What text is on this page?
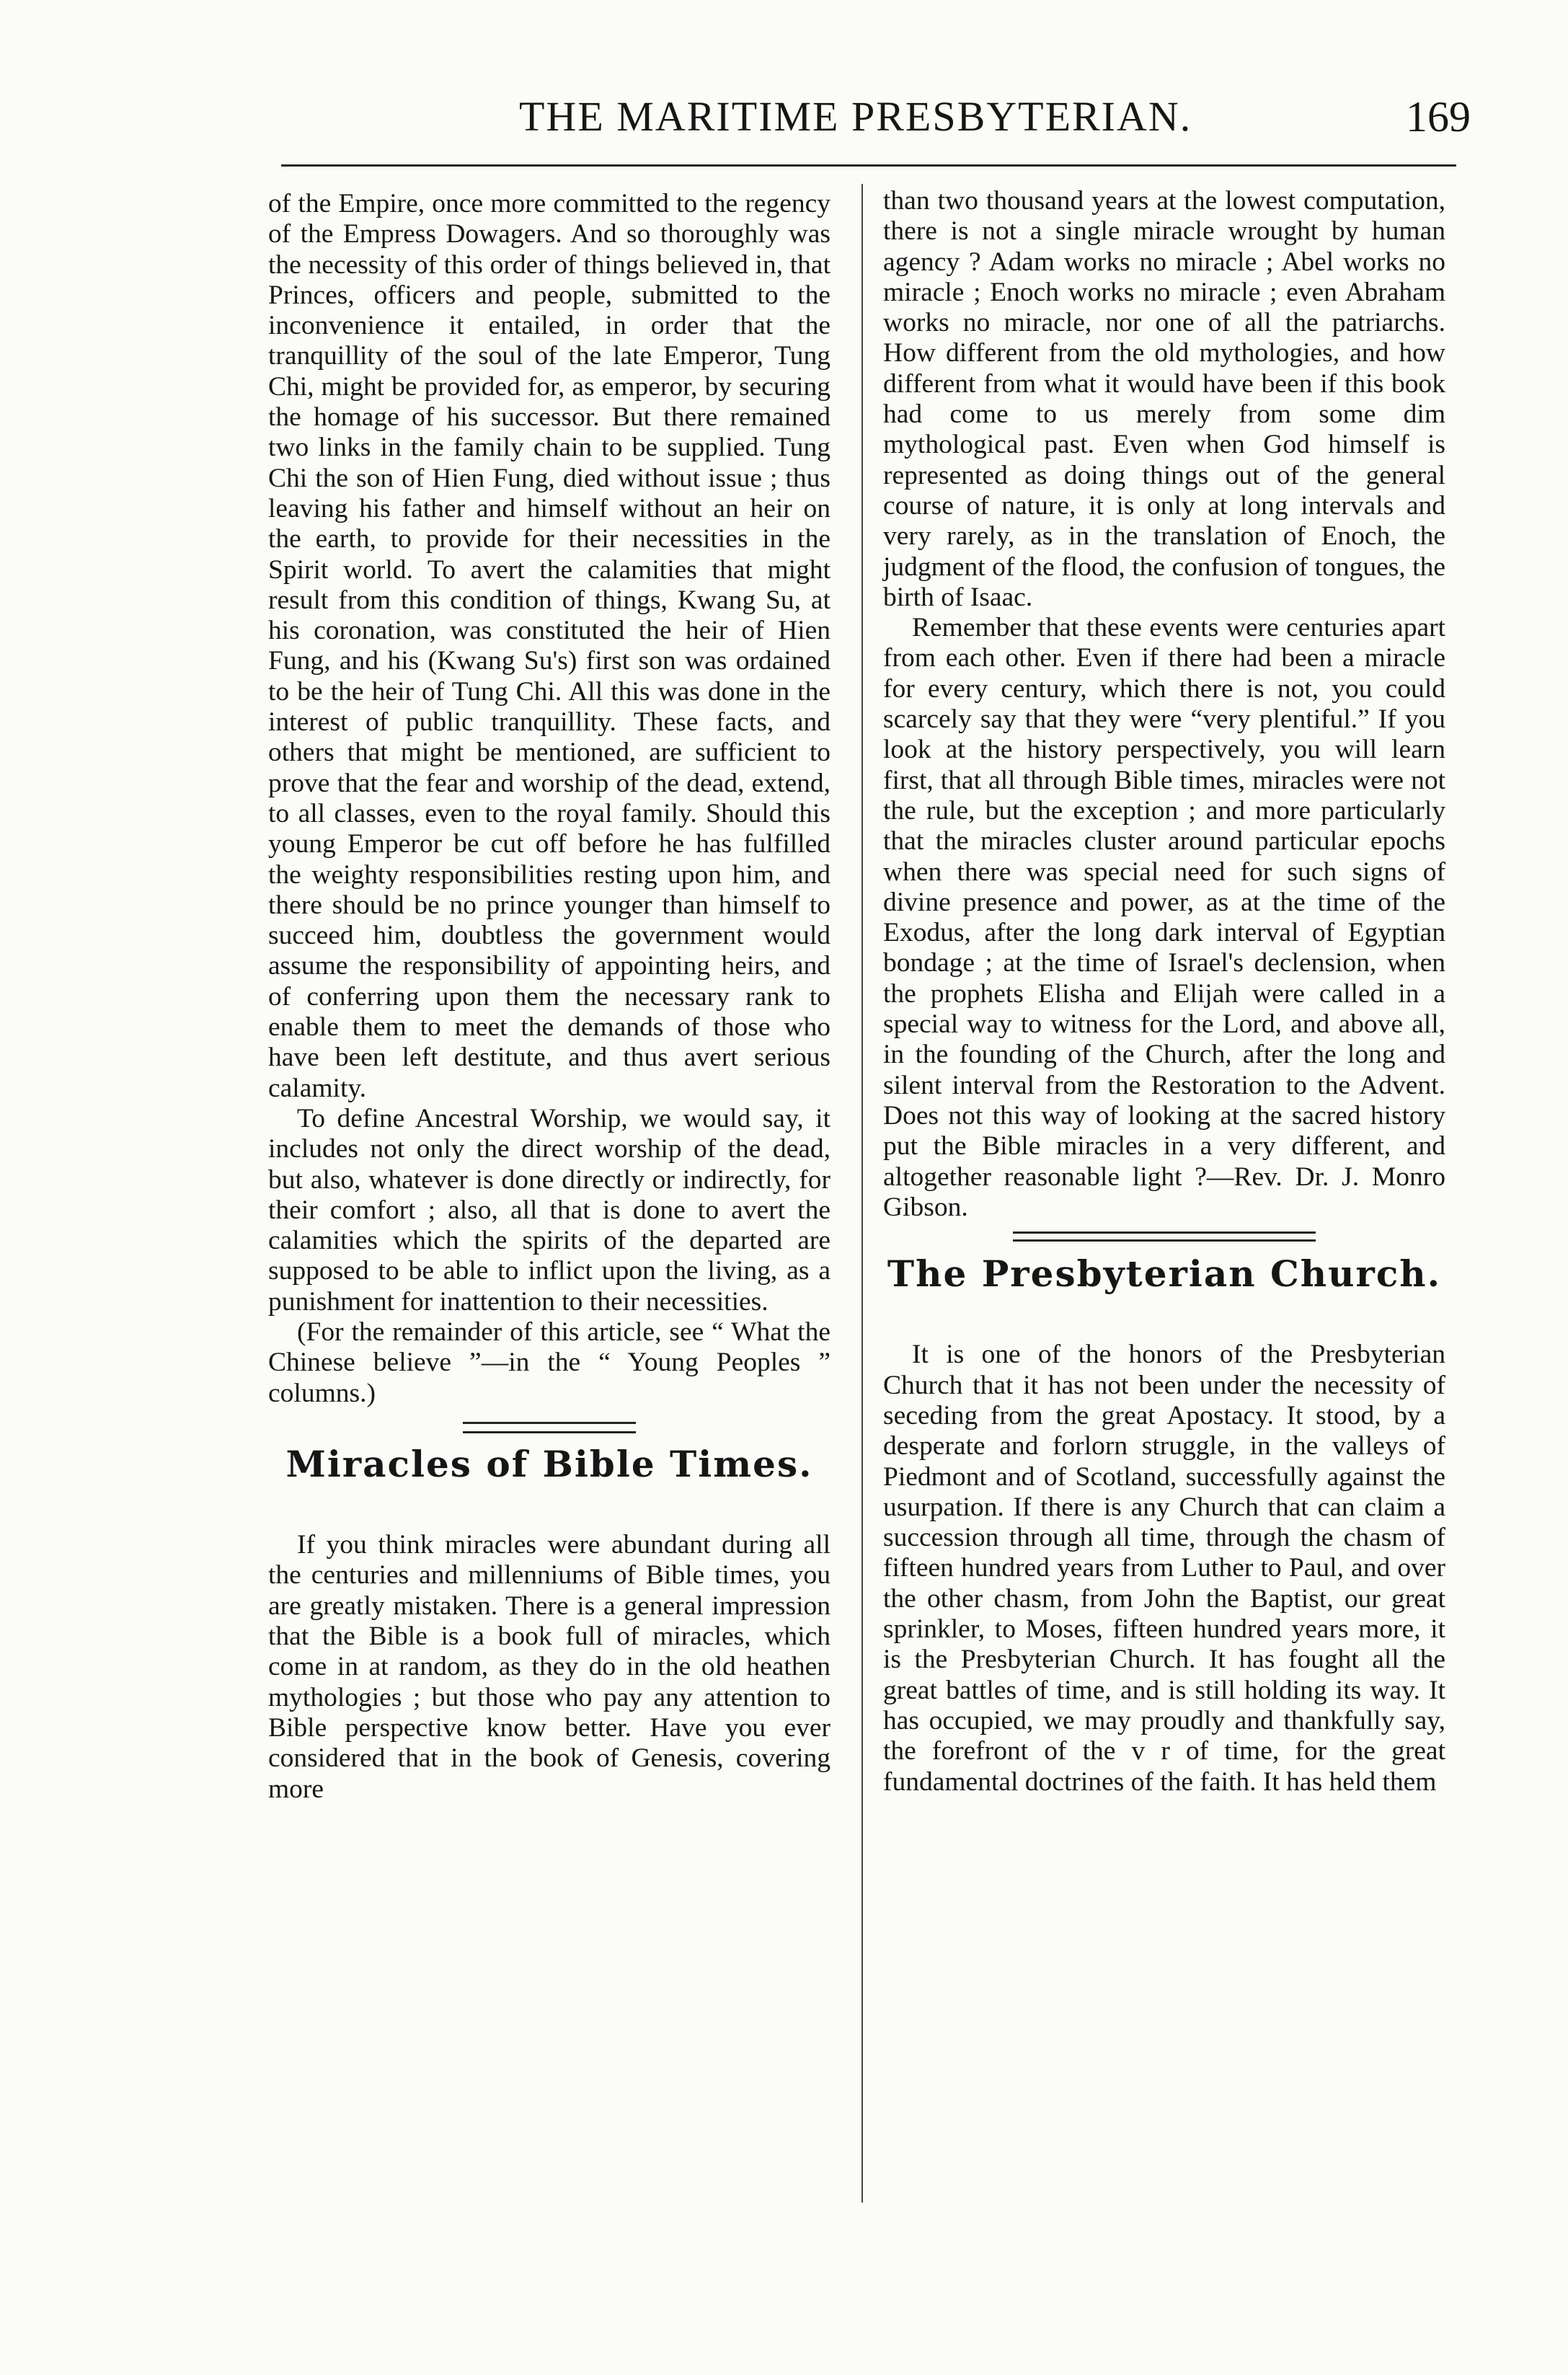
THE MARITIME PRESBYTERIAN.	169

of the Empire, once more committed to the regency of the Empress Dowagers. And so thoroughly was the necessity of this order of things believed in, that Princes, officers and people, submitted to the inconvenience it entailed, in order that the tranquillity of the soul of the late Emperor, Tung Chi, might be provided for, as emperor, by securing the homage of his successor. But there remained two links in the family chain to be supplied. Tung Chi the son of Hien Fung, died without issue ; thus leaving his father and himself without an heir on the earth, to provide for their necessities in the Spirit world. To avert the calamities that might result from this condition of things, Kwang Su, at his coronation, was constituted the heir of Hien Fung, and his (Kwang Su's) first son was ordained to be the heir of Tung Chi. All this was done in the interest of public tranquillity. These facts, and others that might be mentioned, are sufficient to prove that the fear and worship of the dead, extend, to all classes, even to the royal family. Should this young Emperor be cut off before he has fulfilled the weighty responsibilities resting upon him, and there should be no prince younger than himself to succeed him, doubtless the government would assume the responsibility of appointing heirs, and of conferring upon them the necessary rank to enable them to meet the demands of those who have been left destitute, and thus avert serious calamity.

To define Ancestral Worship, we would say, it includes not only the direct worship of the dead, but also, whatever is done directly or indirectly, for their comfort ; also, all that is done to avert the calamities which the spirits of the departed are supposed to be able to inflict upon the living, as a punishment for inattention to their necessities.

(For the remainder of this article, see “ What the Chinese believe ”—in the “ Young Peoples ” columns.)

Miracles of Bible Times.

If you think miracles were abundant during all the centuries and millenniums of Bible times, you are greatly mistaken. There is a general impression that the Bible is a book full of miracles, which come in at random, as they do in the old heathen mythologies ; but those who pay any attention to Bible perspective know better. Have you ever considered that in the book of Genesis, covering more

than two thousand years at the lowest computation, there is not a single miracle wrought by human agency ? Adam works no miracle ; Abel works no miracle ; Enoch works no miracle ; even Abraham works no miracle, nor one of all the patriarchs. How different from the old mythologies, and how different from what it would have been if this book had come to us merely from some dim mythological past. Even when God himself is represented as doing things out of the general course of nature, it is only at long intervals and very rarely, as in the translation of Enoch, the judgment of the flood, the confusion of tongues, the birth of Isaac.

Remember that these events were centuries apart from each other. Even if there had been a miracle for every century, which there is not, you could scarcely say that they were “very plentiful.” If you look at the history perspectively, you will learn first, that all through Bible times, miracles were not the rule, but the exception ; and more particularly that the miracles cluster around particular epochs when there was special need for such signs of divine presence and power, as at the time of the Exodus, after the long dark interval of Egyptian bondage ; at the time of Israel's declension, when the prophets Elisha and Elijah were called in a special way to witness for the Lord, and above all, in the founding of the Church, after the long and silent interval from the Restoration to the Advent. Does not this way of looking at the sacred history put the Bible miracles in a very different, and altogether reasonable light ?—Rev. Dr. J. Monro Gibson.

The Presbyterian Church.

It is one of the honors of the Presbyterian Church that it has not been under the necessity of seceding from the great Apostacy. It stood, by a desperate and forlorn struggle, in the valleys of Piedmont and of Scotland, successfully against the usurpation. If there is any Church that can claim a succession through all time, through the chasm of fifteen hundred years from Luther to Paul, and over the other chasm, from John the Baptist, our great sprinkler, to Moses, fifteen hundred years more, it is the Presbyterian Church. It has fought all the great battles of time, and is still holding its way. It has occupied, we may proudly and thankfully say, the forefront of the v r of time, for the great fundamental doctrines of the faith. It has held them
